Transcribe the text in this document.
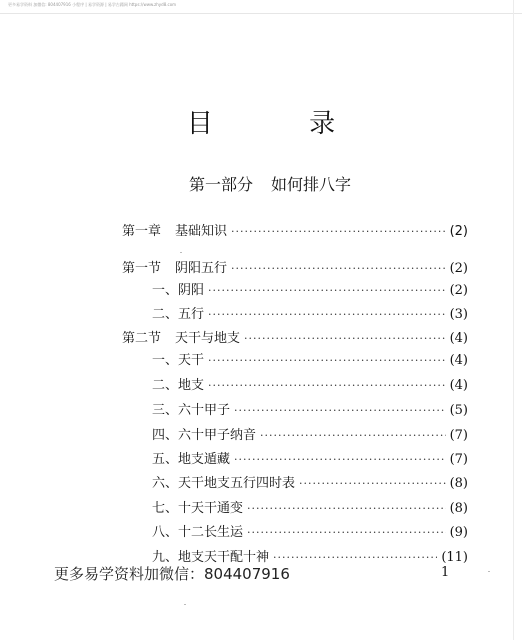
更多易学资料 加微信: 804407916 小程序 | 易学资源 | 易学古籍网 https://www.zhyd8.com
目 录
第一部分 如何排八字
第一章 基础知识 ·····	(2)
第一节 阴阳五行 ·····	(2)
一、 阴阳 ·····	(2)
二、 五行 ·····	(3)
第二节 天干与地支 ·····	(4)
一、 天干 ·····	(4)
二、 地支 ·····	(4)
三、 六十甲子 ·····	(5)
四、 六十甲子纳音 ·····	(7)
五、 地支遁藏 ·····	(7)
六、 天干地支五行四时表 ·····	(8)
七、 十天干通变 ·····	(8)
八、 十二长生运 ·····	(9)
九、 地支天干配十神 ·····	(11)
更多易学资料加微信：804407916	1
